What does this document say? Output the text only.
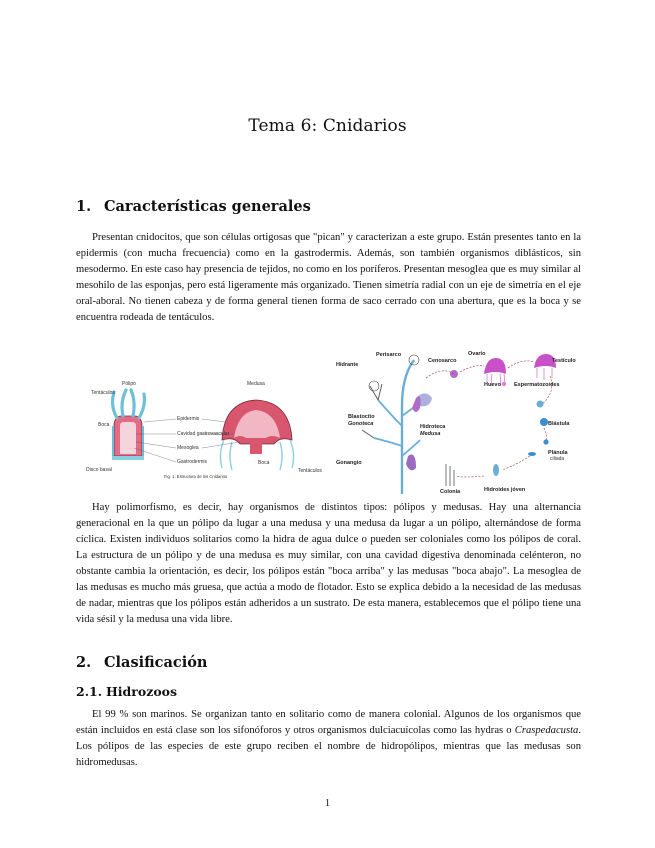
Tema 6: Cnidarios
1. Características generales
Presentan cnidocitos, que son células ortigosas que "pican" y caracterizan a este grupo. Están presentes tanto en la epidermis (con mucha frecuencia) como en la gastrodermis. Además, son también organismos diblásticos, sin mesodermo. En este caso hay presencia de tejidos, no como en los poríferos. Presentan mesoglea que es muy similar al mesohilo de las esponjas, pero está ligeramente más organizado. Tienen simetría radial con un eje de simetría en el eje oral-aboral. No tienen cabeza y de forma general tienen forma de saco cerrado con una abertura, que es la boca y se encuentra rodeada de tentáculos.
Pólipo	Medusa
Tentáculos
Boca
Epidermis
Cavidad gastrovascular
Mesoglea
Gastrodermis
Disco basal	Tentáculos
Boca
Fig. 1: Estructura de los Cnidarios
Hidrante
Perisarco
Cenosarco
Gonangio
Ovario
Testículo
Huevo Espermatozoides
Blastocito
Gonoteca	Hidroteca
Medusa
Blástula
Plánula
ciliada
Colonia	Hidroides jóven
Hay polimorfismo, es decir, hay organismos de distintos tipos: pólipos y medusas. Hay una alternancia generacional en la que un pólipo da lugar a una medusa y una medusa da lugar a un pólipo, alternándose de forma cíclica. Existen individuos solitarios como la hidra de agua dulce o pueden ser coloniales como los pólipos de coral. La estructura de un pólipo y de una medusa es muy similar, con una cavidad digestiva denominada celénteron, no obstante cambia la orientación, es decir, los pólipos están "boca arriba" y las medusas "boca abajo". La mesoglea de las medusas es mucho más gruesa, que actúa a modo de flotador. Esto se explica debido a la necesidad de las medusas de nadar, mientras que los pólipos están adheridos a un sustrato. De esta manera, establecemos que el pólipo tiene una vida sésil y la medusa una vida libre.
2. Clasificación
2.1. Hidrozoos
El 99 % son marinos. Se organizan tanto en solitario como de manera colonial. Algunos de los organismos que están incluidos en está clase son los sifonóforos y otros organismos dulciacuícolas como las hydras o Craspedacusta. Los pólipos de las especies de este grupo reciben el nombre de hidropólipos, mientras que las medusas son hidromedusas.
1
